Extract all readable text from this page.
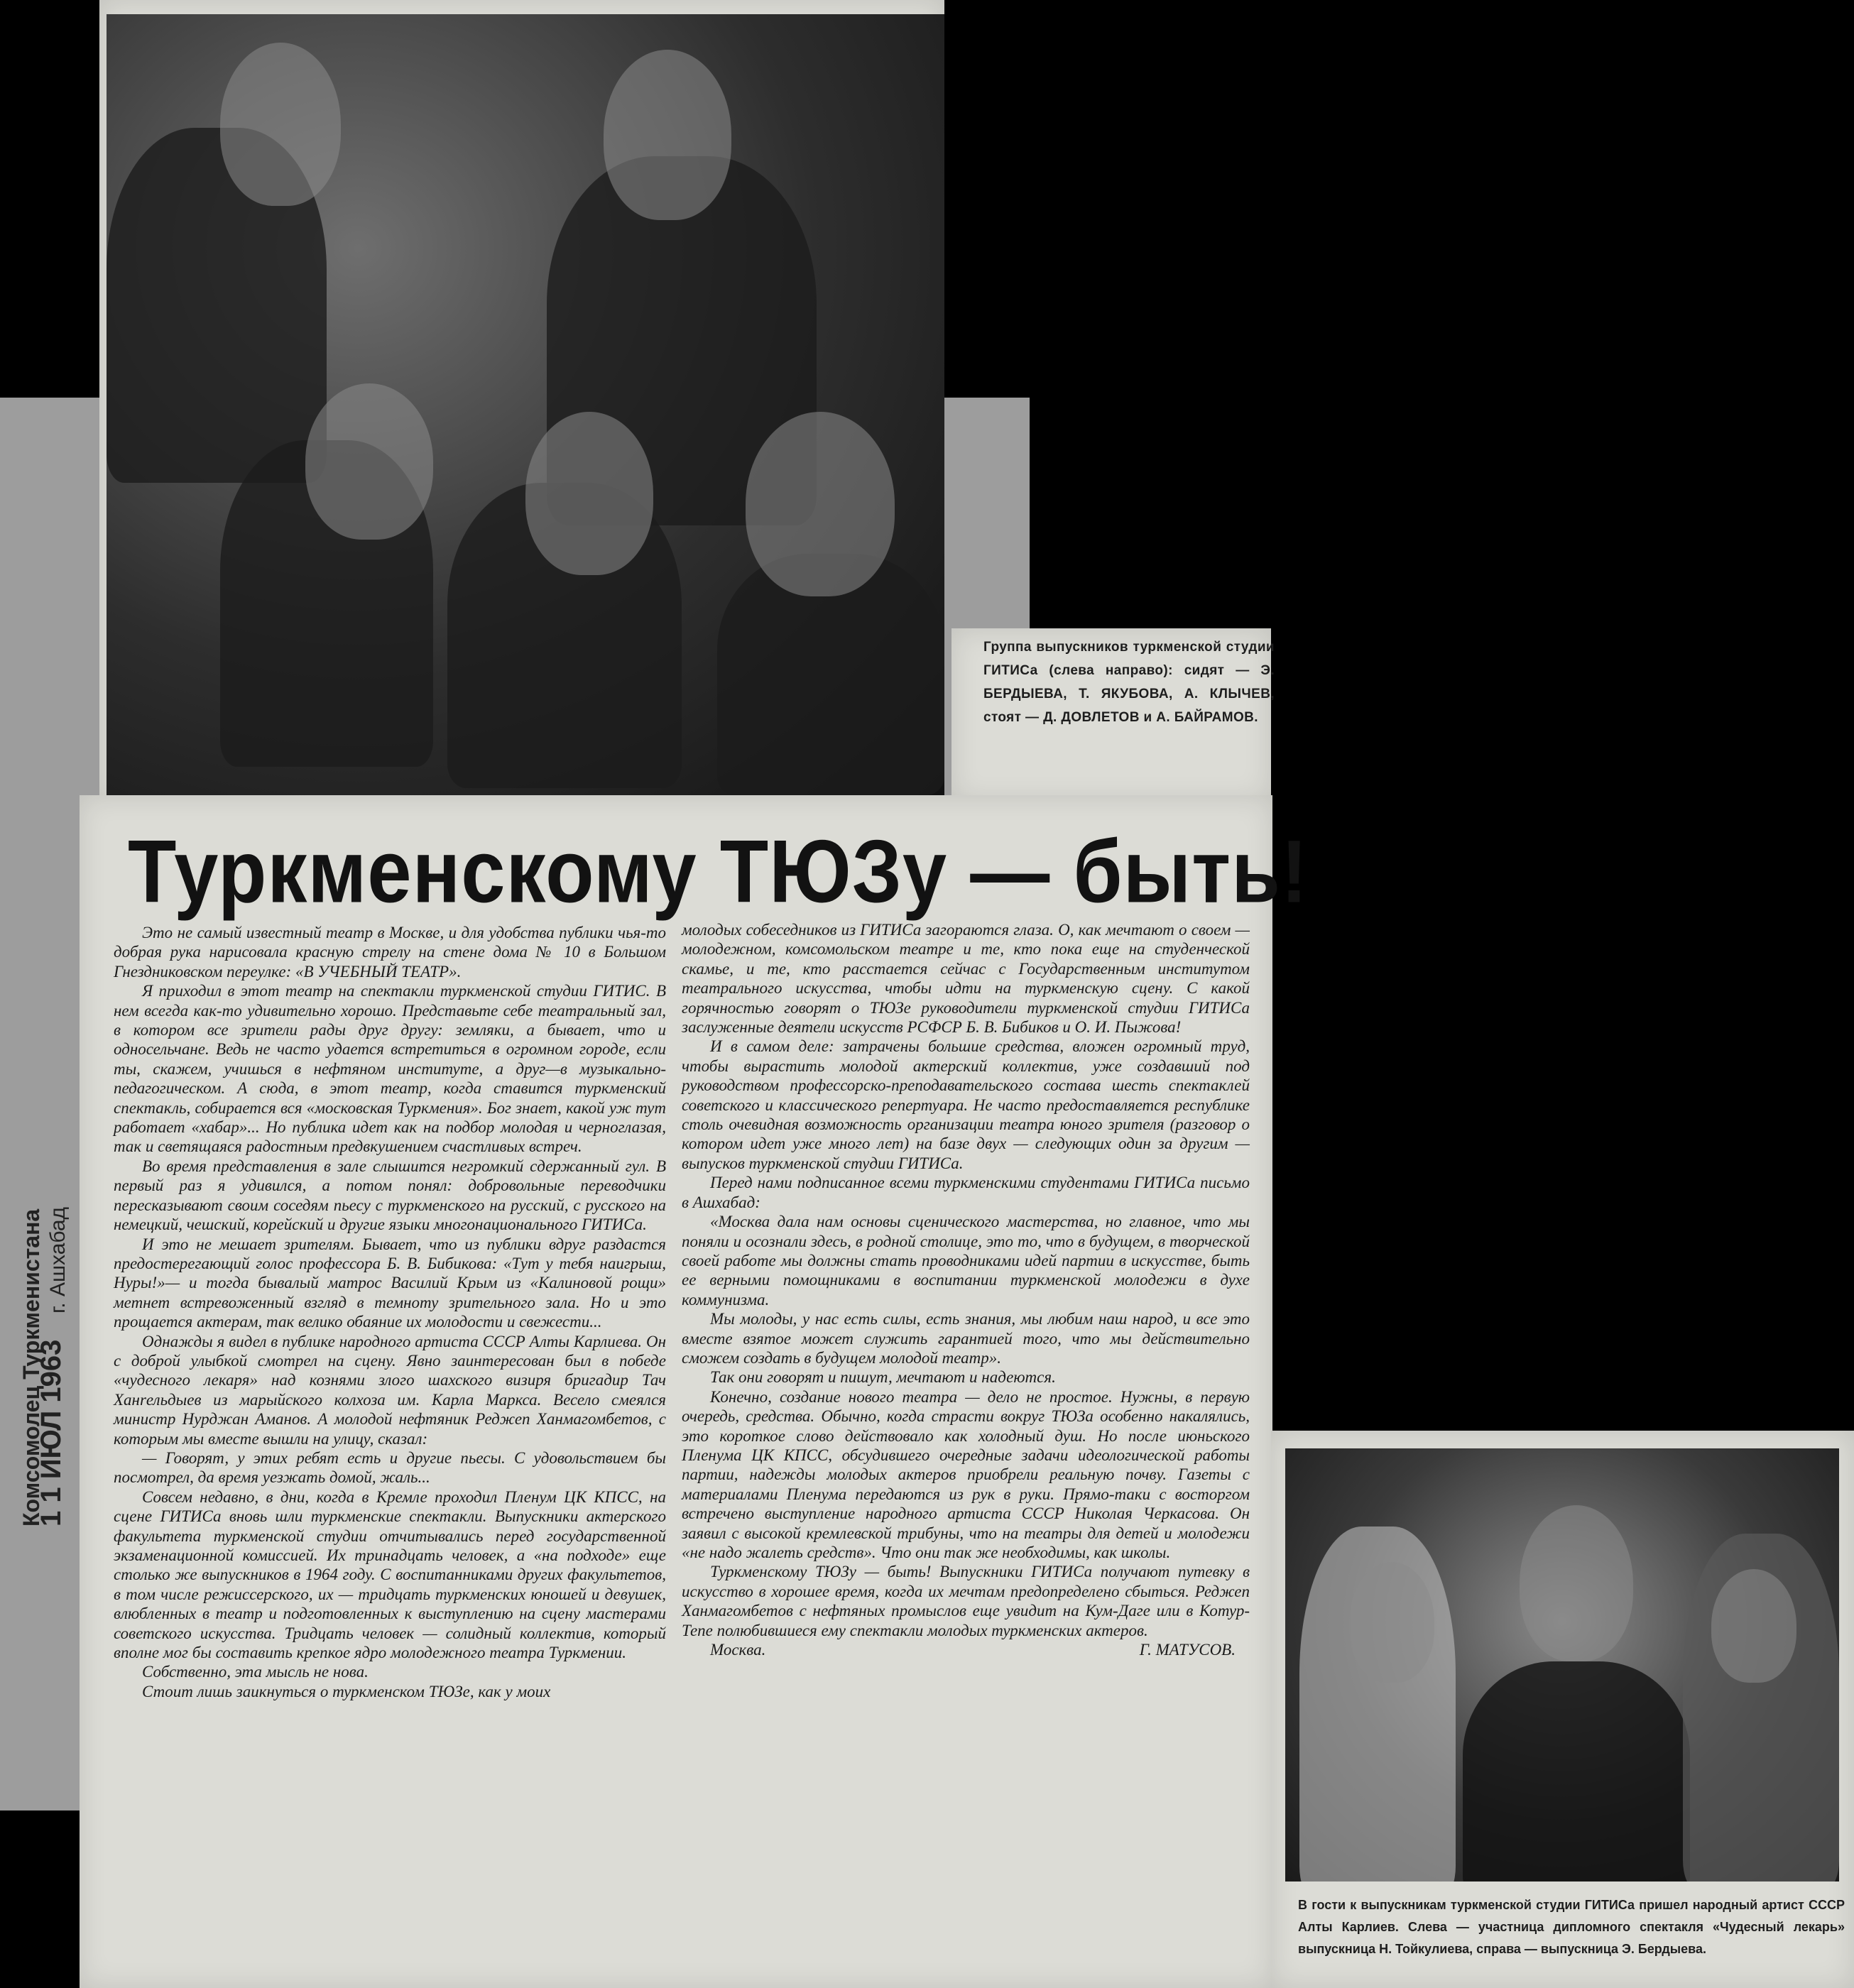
Группа выпускников туркменской студии ГИТИСа (слева направо): сидят — Э. БЕРДЫЕВА, Т. ЯКУБОВА, А. КЛЫЧЕВ, стоят — Д. ДОВЛЕТОВ и А. БАЙРАМОВ.
Туркменскому ТЮЗу — быть!
Комсомолец Туркменистана г. Ашхабад
1 1 ИЮЛ 1963

Это не самый известный театр в Москве, и для удобства публики чья-то добрая рука нарисовала красную стрелу на стене дома № 10 в Большом Гнездниковском переулке: «В УЧЕБНЫЙ ТЕАТР».

Я приходил в этот театр на спектакли туркменской студии ГИТИС. В нем всегда как-то удивительно хорошо. Представьте себе театральный зал, в котором все зрители рады друг другу: земляки, а бывает, что и односельчане. Ведь не часто удается встретиться в огромном городе, если ты, скажем, учишься в нефтяном институте, а друг—в музыкально-педагогическом. А сюда, в этот театр, когда ставится туркменский спектакль, собирается вся «московская Туркмения». Бог знает, какой уж тут работает «хабар»... Но публика идет как на подбор молодая и черноглазая, так и светящаяся радостным предвкушением счастливых встреч.

Во время представления в зале слышится негромкий сдержанный гул. В первый раз я удивился, а потом понял: добровольные переводчики пересказывают своим соседям пьесу с туркменского на русский, с русского на немецкий, чешский, корейский и другие языки многонационального ГИТИСа.

И это не мешает зрителям. Бывает, что из публики вдруг раздастся предостерегающий голос профессора Б. В. Бибикова: «Тут у тебя наигрыш, Нуры!»— и тогда бывалый матрос Василий Крым из «Калиновой рощи» метнет встревоженный взгляд в темноту зрительного зала. Но и это прощается актерам, так велико обаяние их молодости и свежести...

Однажды я видел в публике народного артиста СССР Алты Карлиева. Он с доброй улыбкой смотрел на сцену. Явно заинтересован был в победе «чудесного лекаря» над кознями злого шахского визиря бригадир Тач Ханrельдыев из марыйского колхоза им. Карла Маркса. Весело смеялся министр Нурджан Аманов. А молодой нефтяник Реджеп Ханмагомбетов, с которым мы вместе вышли на улицу, сказал:

— Говорят, у этих ребят есть и другие пьесы. С удовольствием бы посмотрел, да время уезжать домой, жаль...

Совсем недавно, в дни, когда в Кремле проходил Пленум ЦК КПСС, на сцене ГИТИСа вновь шли туркменские спектакли. Выпускники актерского факультета туркменской студии отчитывались перед государственной экзаменационной комиссией. Их тринадцать человек, а «на подходе» еще столько же выпускников в 1964 году. С воспитанниками других факультетов, в том числе режиссерского, их — тридцать туркменских юношей и девушек, влюбленных в театр и подготовленных к выступлению на сцену мастерами советского искусства. Тридцать человек — солидный коллектив, который вполне мог бы составить крепкое ядро молодежного театра Туркмении.

Собственно, эта мысль не нова.

Стоит лишь заикнуться о туркменском ТЮЗе, как у моих

молодых собеседников из ГИТИСа загораются глаза. О, как мечтают о своем — молодежном, комсомольском театре и те, кто пока еще на студенческой скамье, и те, кто расстается сейчас с Государственным институтом театрального искусства, чтобы идти на туркменскую сцену. С какой горячностью говорят о ТЮЗе руководители туркменской студии ГИТИСа заслуженные деятели искусств РСФСР Б. В. Бибиков и О. И. Пыжова!

И в самом деле: затрачены большие средства, вложен огромный труд, чтобы вырастить молодой актерский коллектив, уже создавший под руководством профессорско-преподавательского состава шесть спектаклей советского и классического репертуара. Не часто предоставляется республике столь очевидная возможность организации театра юного зрителя (разговор о котором идет уже много лет) на базе двух — следующих один за другим — выпусков туркменской студии ГИТИСа.

Перед нами подписанное всеми туркменскими студентами ГИТИСа письмо в Ашхабад:

«Москва дала нам основы сценического мастерства, но главное, что мы поняли и осознали здесь, в родной столице, это то, что в будущем, в творческой своей работе мы должны стать проводниками идей партии в искусстве, быть ее верными помощниками в воспитании туркменской молодежи в духе коммунизма.

Мы молоды, у нас есть силы, есть знания, мы любим наш народ, и все это вместе взятое может служить гарантией того, что мы действительно сможем создать в будущем молодой театр».

Так они говорят и пишут, мечтают и надеются.

Конечно, создание нового театра — дело не простое. Нужны, в первую очередь, средства. Обычно, когда страсти вокруг ТЮЗа особенно накалялись, это короткое слово действовало как холодный душ. Но после июньского Пленума ЦК КПСС, обсудившего очередные задачи идеологической работы партии, надежды молодых актеров приобрели реальную почву. Газеты с материалами Пленума передаются из рук в руки. Прямо-таки с восторгом встречено выступление народного артиста СССР Николая Черкасова. Он заявил с высокой кремлевской трибуны, что на театры для детей и молодежи «не надо жалеть средств». Что они так же необходимы, как школы.

Туркменскому ТЮЗу — быть! Выпускники ГИТИСа получают путевку в искусство в хорошее время, когда их мечтам предопределено сбыться. Реджеп Ханмагомбетов с нефтяных промыслов еще увидит на Кум-Даге или в Котур-Тепе полюбившиеся ему спектакли молодых туркменских актеров.

Москва.	Г. МАТУСОВ.
В гости к выпускникам туркменской студии ГИТИСа пришел народный артист СССР Алты Карлиев. Слева — участница дипломного спектакля «Чудесный лекарь» выпускница Н. Тойкулиева, справа — выпускница Э. Бердыева.
